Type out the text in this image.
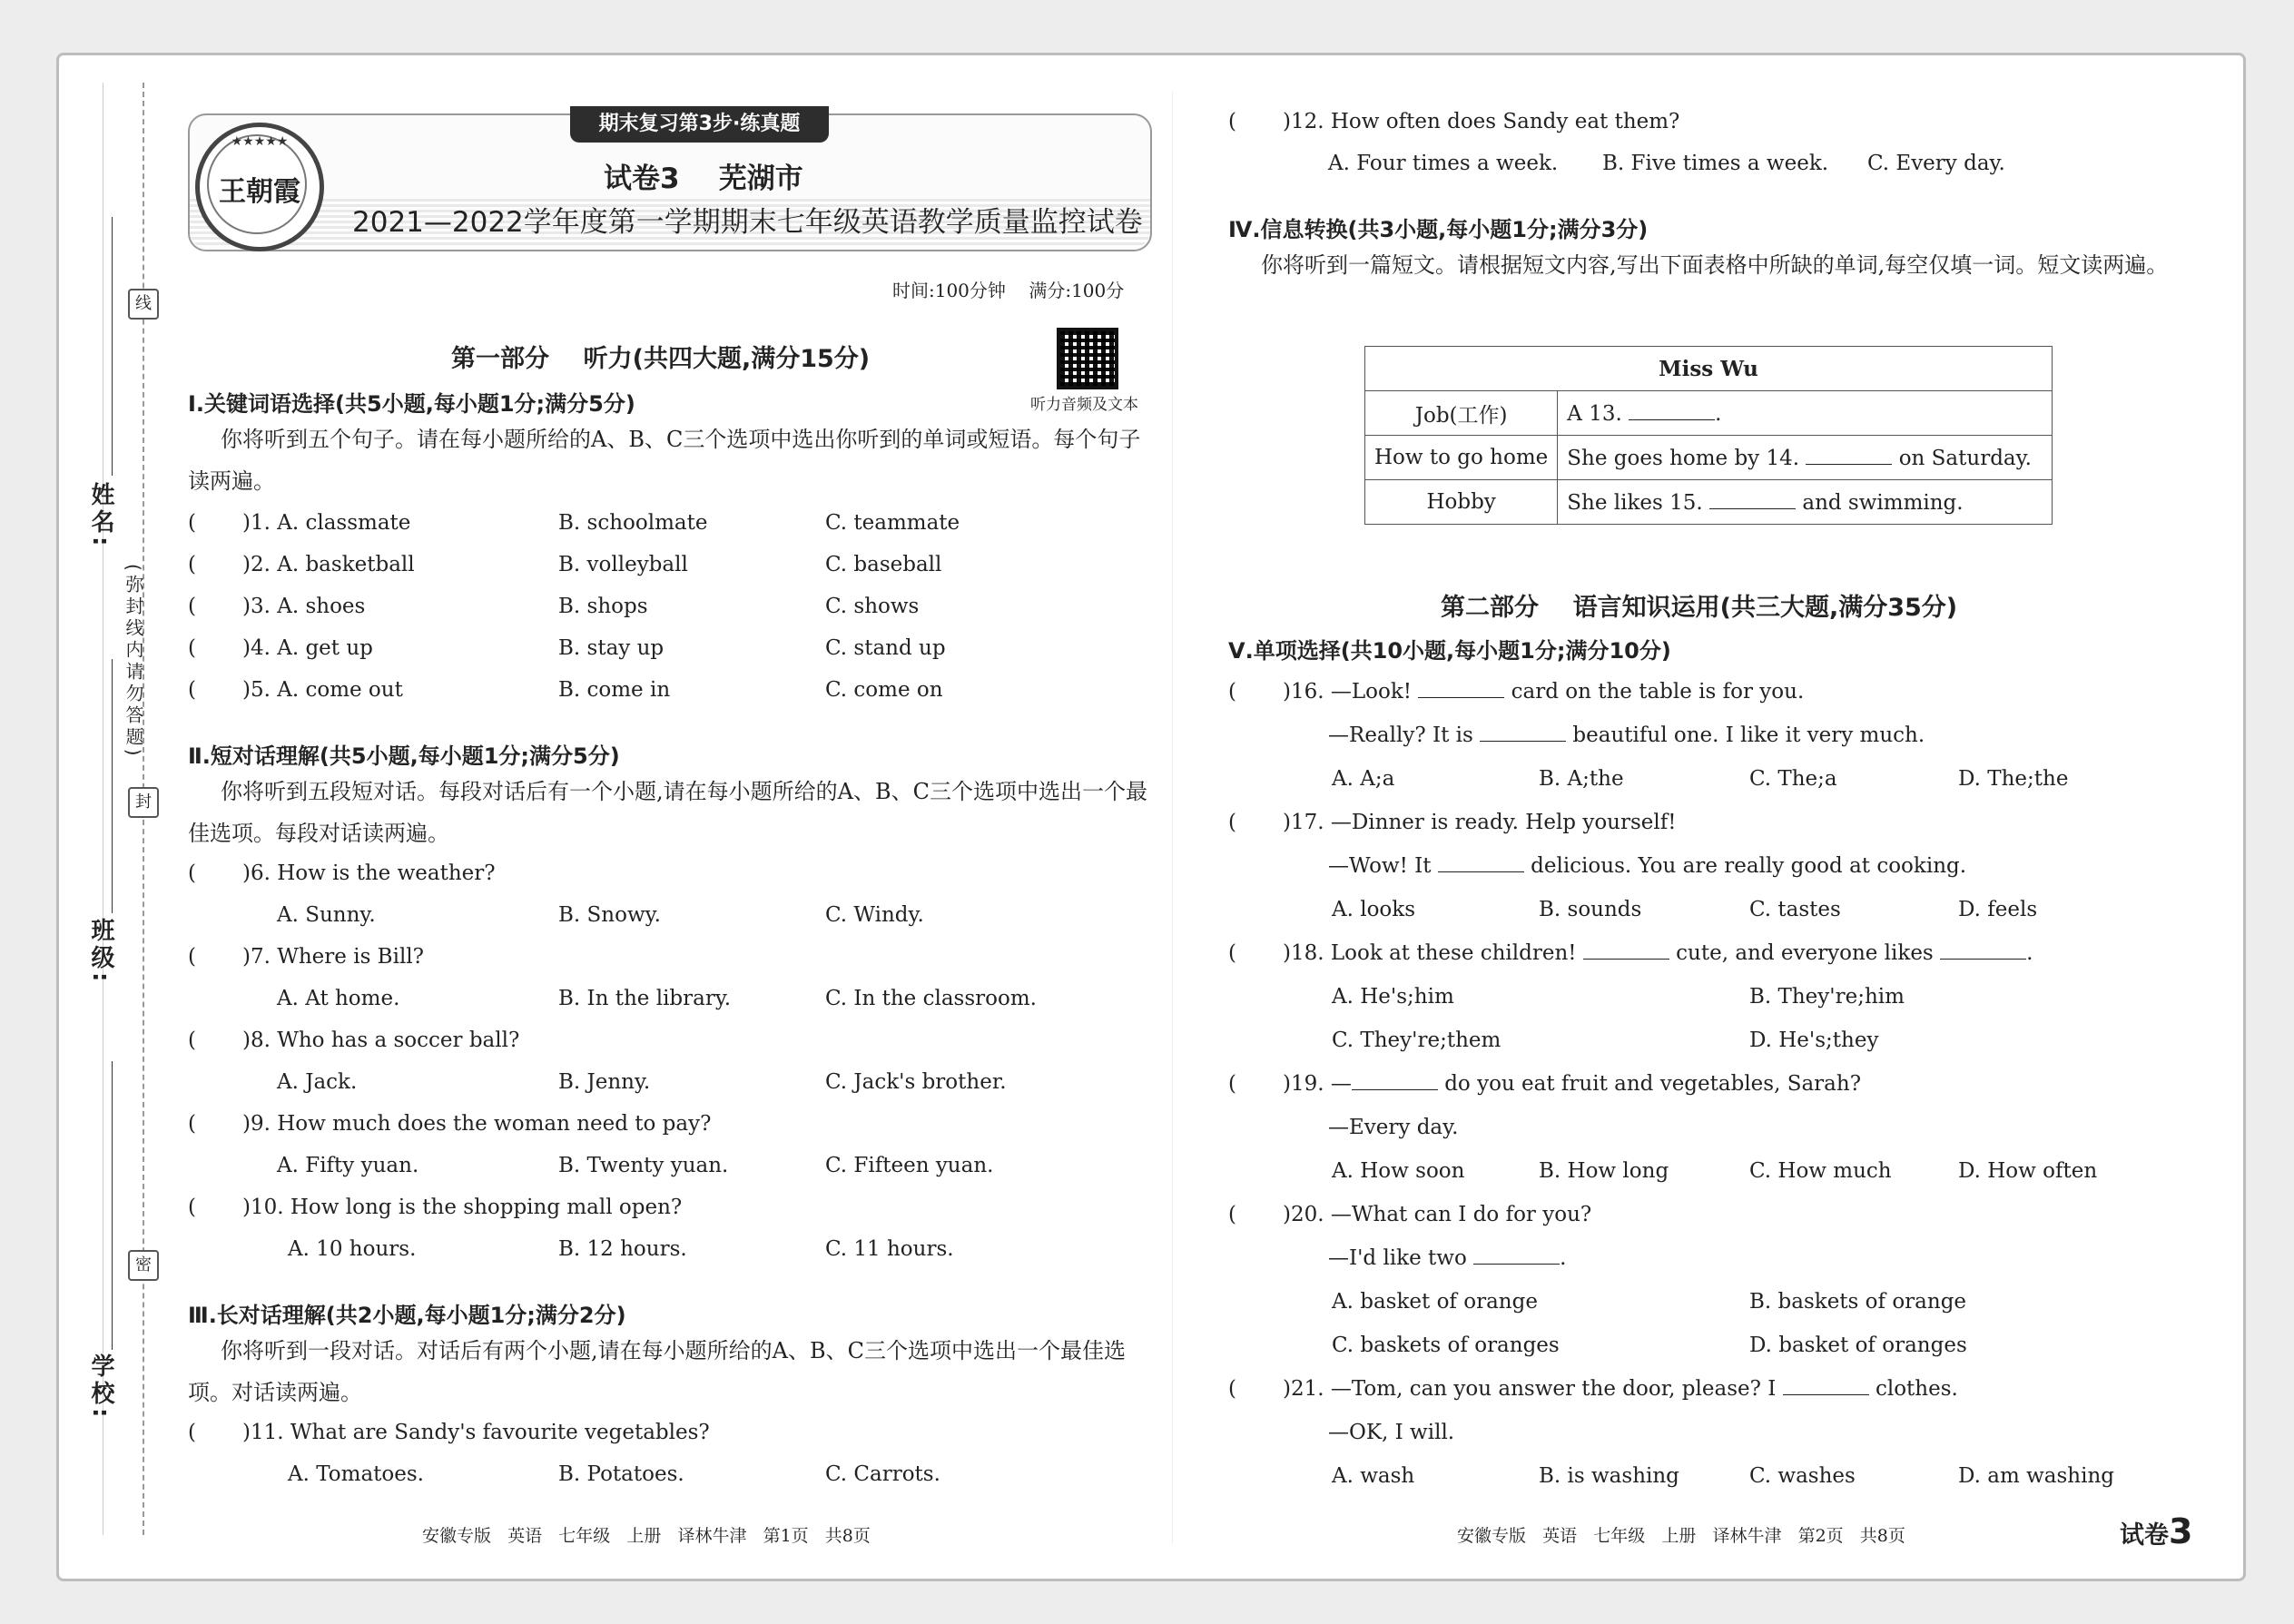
线
封
密
(弥封线内请勿答题)
姓名:
班级:
学校:
期末复习第3步·练真题
★★★★★
王朝霞	试卷3    芜湖市
2021—2022学年度第一学期期末七年级英语教学质量监控试卷
时间:100分钟    满分:100分
听力音频及文本
第一部分    听力(共四大题,满分15分)
Ⅰ.关键词语选择(共5小题,每小题1分;满分5分)
你将听到五个句子。请在每小题所给的A、B、C三个选项中选出你听到的单词或短语。每个句子读两遍。
( )1. A. classmate	B. schoolmate	C. teammate
( )2. A. basketball	B. volleyball	C. baseball
( )3. A. shoes	B. shops	C. shows
( )4. A. get up	B. stay up	C. stand up
( )5. A. come out	B. come in	C. come on
Ⅱ.短对话理解(共5小题,每小题1分;满分5分)
你将听到五段短对话。每段对话后有一个小题,请在每小题所给的A、B、C三个选项中选出一个最佳选项。每段对话读两遍。
( )6. How is the weather?
A. Sunny.	B. Snowy.	C. Windy.
( )7. Where is Bill?
A. At home.	B. In the library.	C. In the classroom.
( )8. Who has a soccer ball?
A. Jack.	B. Jenny.	C. Jack's brother.
( )9. How much does the woman need to pay?
A. Fifty yuan.	B. Twenty yuan.	C. Fifteen yuan.
( )10. How long is the shopping mall open?
A. 10 hours.	B. 12 hours.	C. 11 hours.
Ⅲ.长对话理解(共2小题,每小题1分;满分2分)
你将听到一段对话。对话后有两个小题,请在每小题所给的A、B、C三个选项中选出一个最佳选项。对话读两遍。
( )11. What are Sandy's favourite vegetables?
A. Tomatoes.	B. Potatoes.	C. Carrots.
安徽专版   英语   七年级   上册   译林牛津   第1页   共8页
( )12. How often does Sandy eat them?
A. Four times a week. B. Five times a week. C. Every day.
Ⅳ.信息转换(共3小题,每小题1分;满分3分)
你将听到一篇短文。请根据短文内容,写出下面表格中所缺的单词,每空仅填一词。短文读两遍。
Miss Wu	
Job(工作)	A 13. .
How to go home	She goes home by 14. on Saturday.
Hobby	She likes 15. and swimming.
第二部分    语言知识运用(共三大题,满分35分)
Ⅴ.单项选择(共10小题,每小题1分;满分10分)
( )16. —Look!	card on the table is for you.
—Really? It is	beautiful one. I like it very much.
A. A;a	B. A;the	C. The;a	D. The;the
( )17. —Dinner is ready. Help yourself!
—Wow! It	delicious. You are really good at cooking.
A. looks	B. sounds	C. tastes	D. feels
( )18. Look at these children!	cute, and everyone likes	.
A. He's;him	B. They're;him
C. They're;them	D. He's;they
( )19. —	do you eat fruit and vegetables, Sarah?
—Every day.
A. How soon	B. How long	C. How much	D. How often
( )20. —What can I do for you?
—I'd like two	.
A. basket of orange	B. baskets of orange
C. baskets of oranges	D. basket of oranges
( )21. —Tom, can you answer the door, please? I	clothes.
—OK, I will.
A. wash	B. is washing	C. washes	D. am washing
安徽专版   英语   七年级   上册   译林牛津   第2页   共8页	试卷3
